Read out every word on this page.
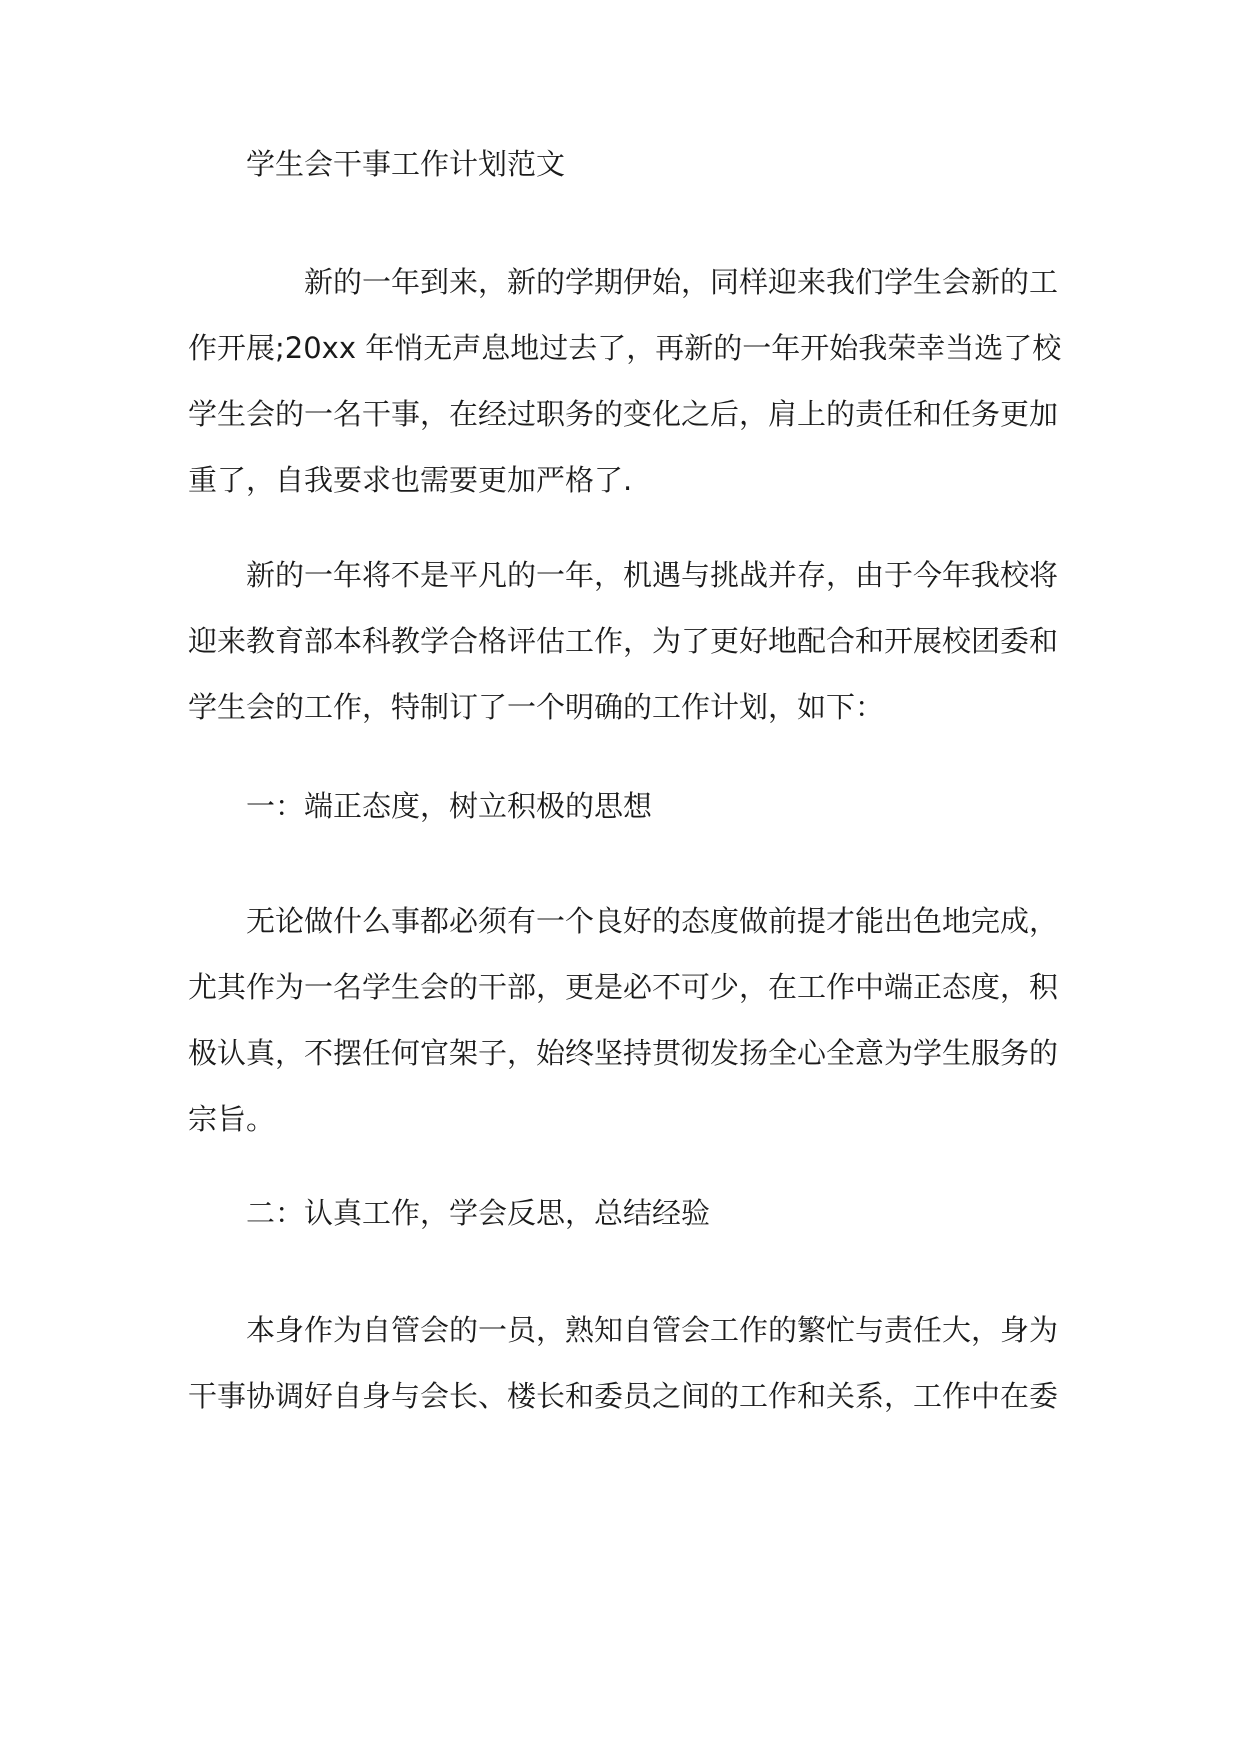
学生会干事工作计划范文

新的一年到来，新的学期伊始，同样迎来我们学生会新的工
作开展;20xx 年悄无声息地过去了，再新的一年开始我荣幸当选了校
学生会的一名干事，在经过职务的变化之后，肩上的责任和任务更加
重了，自我要求也需要更加严格了.

新的一年将不是平凡的一年，机遇与挑战并存，由于今年我校将
迎来教育部本科教学合格评估工作，为了更好地配合和开展校团委和
学生会的工作，特制订了一个明确的工作计划，如下：

一：端正态度，树立积极的思想

无论做什么事都必须有一个良好的态度做前提才能出色地完成，
尤其作为一名学生会的干部，更是必不可少，在工作中端正态度，积
极认真，不摆任何官架子，始终坚持贯彻发扬全心全意为学生服务的
宗旨。

二：认真工作，学会反思，总结经验

本身作为自管会的一员，熟知自管会工作的繁忙与责任大，身为
干事协调好自身与会长、楼长和委员之间的工作和关系，工作中在委
